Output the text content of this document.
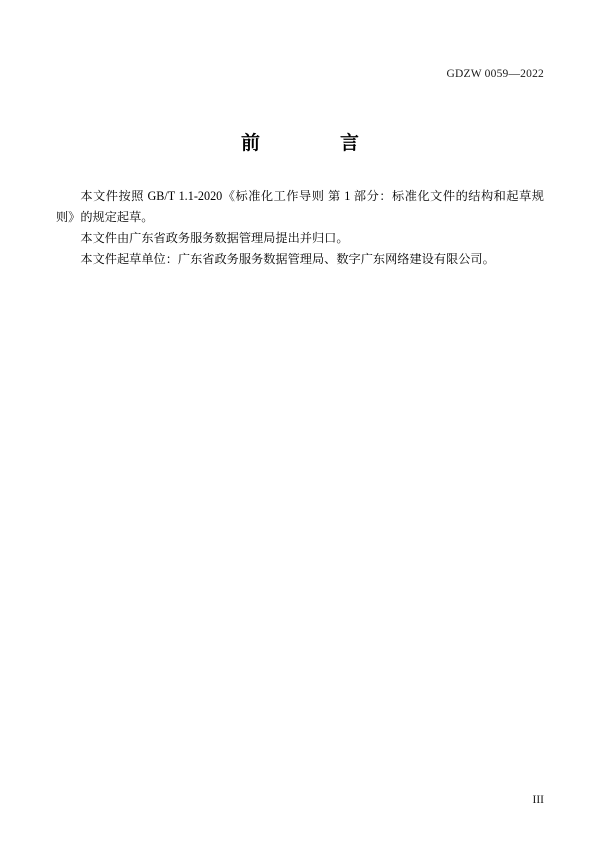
GDZW 0059—2022
前　　言

本文件按照 GB/T 1.1-2020《标准化工作导则 第 1 部分：标准化文件的结构和起草规则》的规定起草。

本文件由广东省政务服务数据管理局提出并归口。

本文件起草单位：广东省政务服务数据管理局、数字广东网络建设有限公司。

III
